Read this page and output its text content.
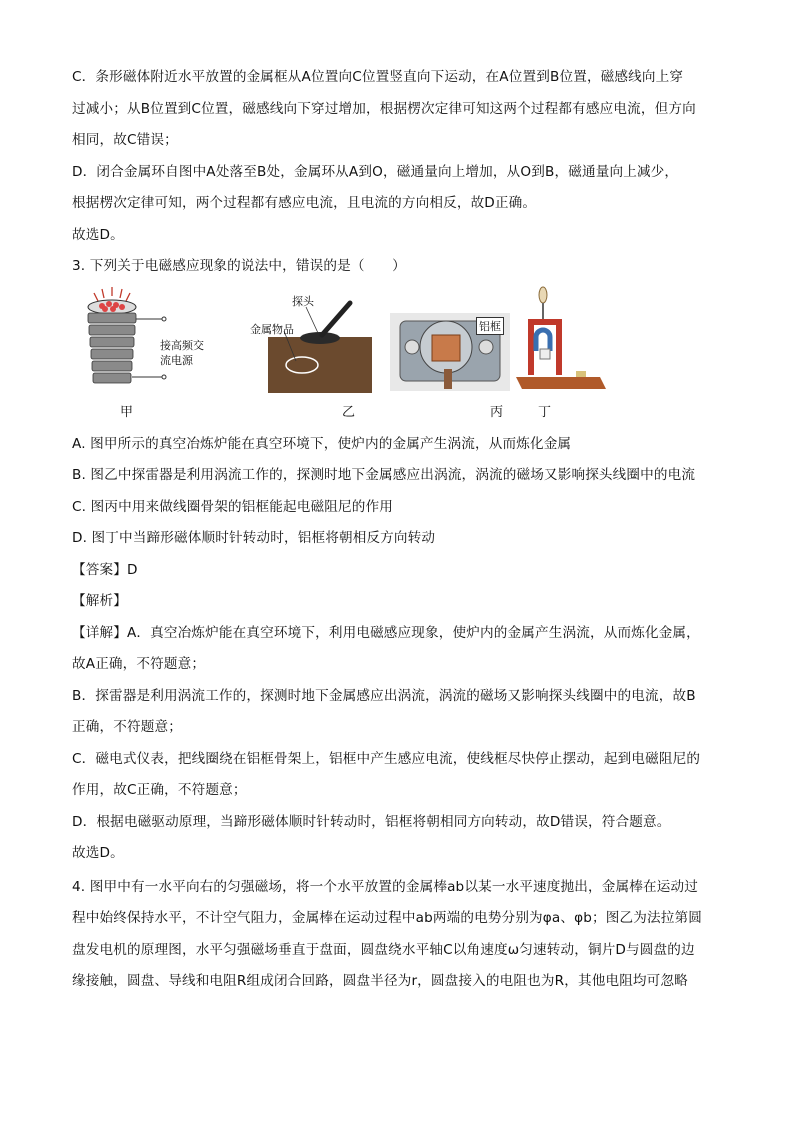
C．条形磁体附近水平放置的金属框从A位置向C位置竖直向下运动，在A位置到B位置，磁感线向上穿
过减小；从B位置到C位置，磁感线向下穿过增加，根据楞次定律可知这两个过程都有感应电流，但方向
相同，故C错误；
D．闭合金属环自图中A处落至B处，金属环从A到O，磁通量向上增加，从O到B，磁通量向上减少，
根据楞次定律可知，两个过程都有感应电流，且电流的方向相反，故D正确。
故选D。
3. 下列关于电磁感应现象的说法中，错误的是（　　）
接高频交
流电源
甲
探头
金属物品
乙
铝框
丙	丁
A. 图甲所示的真空冶炼炉能在真空环境下，使炉内的金属产生涡流，从而炼化金属
B. 图乙中探雷器是利用涡流工作的，探测时地下金属感应出涡流，涡流的磁场又影响探头线圈中的电流
C. 图丙中用来做线圈骨架的铝框能起电磁阻尼的作用
D. 图丁中当蹄形磁体顺时针转动时，铝框将朝相反方向转动
【答案】D
【解析】
【详解】A．真空冶炼炉能在真空环境下，利用电磁感应现象，使炉内的金属产生涡流，从而炼化金属，
故A正确，不符题意；
B．探雷器是利用涡流工作的，探测时地下金属感应出涡流，涡流的磁场又影响探头线圈中的电流，故B
正确，不符题意；
C．磁电式仪表，把线圈绕在铝框骨架上，铝框中产生感应电流，使线框尽快停止摆动，起到电磁阻尼的
作用，故C正确，不符题意；
D．根据电磁驱动原理，当蹄形磁体顺时针转动时，铝框将朝相同方向转动，故D错误，符合题意。
故选D。
4. 图甲中有一水平向右的匀强磁场，将一个水平放置的金属棒ab以某一水平速度抛出，金属棒在运动过
程中始终保持水平，不计空气阻力，金属棒在运动过程中ab两端的电势分别为φa、φb；图乙为法拉第圆
盘发电机的原理图，水平匀强磁场垂直于盘面，圆盘绕水平轴C以角速度ω匀速转动，铜片D与圆盘的边
缘接触，圆盘、导线和电阻R组成闭合回路，圆盘半径为r，圆盘接入的电阻也为R，其他电阻均可忽略
